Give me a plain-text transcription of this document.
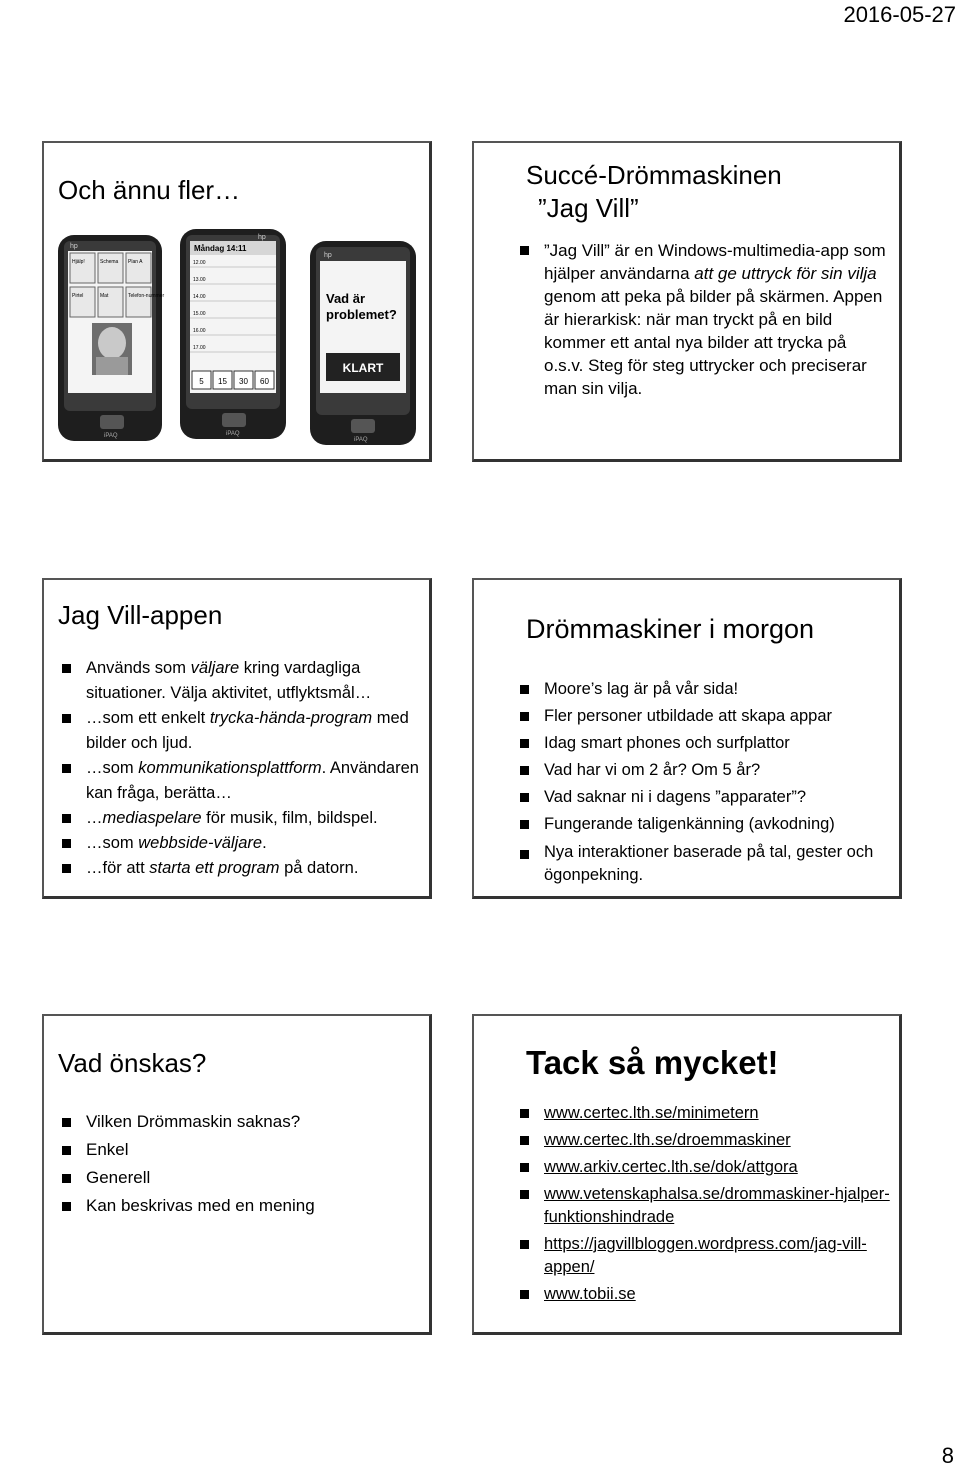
2016-05-27
Och ännu fler…
Hjälp!	Schema Plan A
Pirtel	Mat	Telefon-nummer
hp
iPAQ
Måndag 14:11
12.00
13.00
14.00
15.00
16.00
17.00
5 15 30 60
hp
iPAQ
Vad är
problemet?
KLART
hp
iPAQ
Succé-Drömmaskinen
”Jag Vill”
”Jag Vill” är en Windows-multimedia-app som hjälper användarna att ge uttryck för sin vilja genom att peka på bilder på skärmen. Appen är hierarkisk: när man tryckt på en bild kommer ett antal nya bilder att trycka på o.s.v. Steg för steg uttrycker och preciserar man sin vilja.
Jag Vill-appen
Används som väljare kring vardagliga situationer. Välja aktivitet, utflyktsmål…
…som ett enkelt trycka-hända-program med bilder och ljud.
…som kommunikationsplattform. Användaren kan fråga, berätta…
…mediaspelare för musik, film, bildspel.
…som webbside-väljare.
…för att starta ett program på datorn.
Drömmaskiner i morgon
Moore’s lag är på vår sida!
Fler personer utbildade att skapa appar
Idag smart phones och surfplattor
Vad har vi om 2 år? Om 5 år?
Vad saknar ni i dagens ”apparater”?
Fungerande taligenkänning (avkodning)
Nya interaktioner baserade på tal, gester och ögonpekning.
Vad önskas?
Vilken Drömmaskin saknas?
Enkel
Generell
Kan beskrivas med en mening
Tack så mycket!
www.certec.lth.se/minimetern
www.certec.lth.se/droemmaskiner
www.arkiv.certec.lth.se/dok/attgora
www.vetenskaphalsa.se/drommaskiner-hjalper-funktionshindrade
https://jagvillbloggen.wordpress.com/jag-vill-appen/
www.tobii.se
8
